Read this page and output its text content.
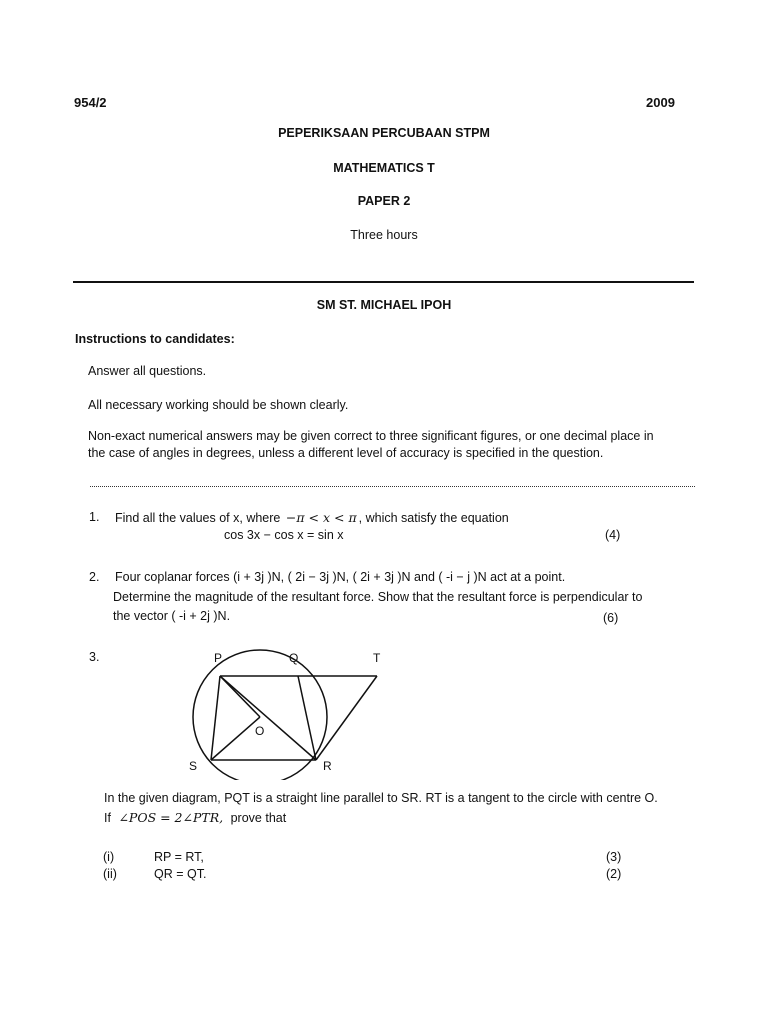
954/2	2009
PEPERIKSAAN PERCUBAAN STPM
MATHEMATICS T
PAPER 2
Three hours
SM ST. MICHAEL IPOH
Instructions to candidates:
Answer all questions.
All necessary working should be shown clearly.
Non-exact numerical answers may be given correct to three significant figures, or one decimal place in
the case of angles in degrees, unless a different level of accuracy is specified in the question.
1. Find all the values of x, where −π < x < π , which satisfy the equation
cos 3x − cos x = sin x	(4)
2. Four coplanar forces (i + 3j )N, ( 2i − 3j )N, ( 2i + 3j )N and ( -i − j )N act at a point.
Determine the magnitude of the resultant force. Show that the resultant force is perpendicular to
the vector ( -i + 2j )N.	(6)
3.	P	Q	T
O
S	R
In the given diagram, PQT is a straight line parallel to SR. RT is a tangent to the circle with centre O.
If ∠POS = 2∠PTR, prove that
(i)	RP = RT,	(3)
(ii)	QR = QT.	(2)
